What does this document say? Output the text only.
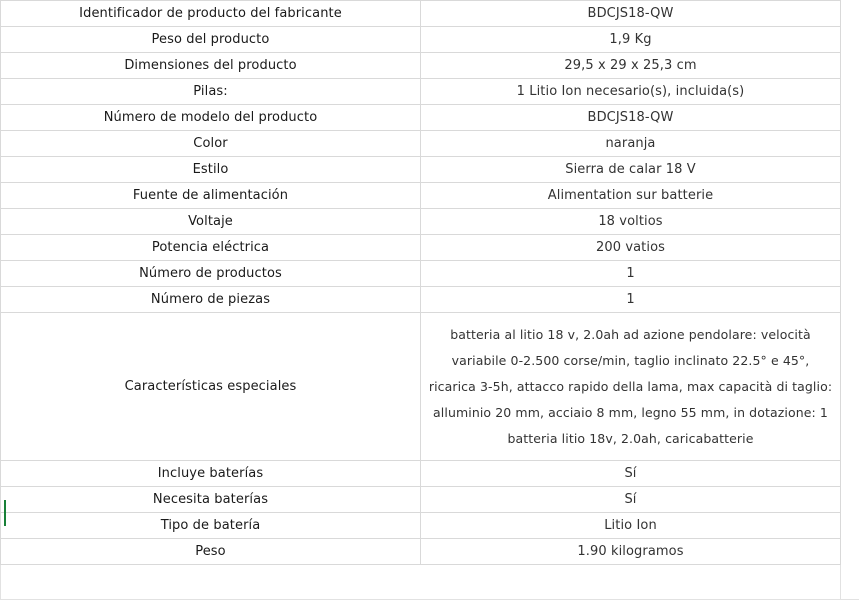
Identificador de producto del fabricante	BDCJS18-QW
Peso del producto	1,9 Kg
Dimensiones del producto	29,5 x 29 x 25,3 cm
Pilas:	1 Litio Ion necesario(s), incluida(s)
Número de modelo del producto	BDCJS18-QW
Color	naranja
Estilo	Sierra de calar 18 V
Fuente de alimentación	Alimentation sur batterie
Voltaje	18 voltios
Potencia eléctrica	200 vatios
Número de productos	1
Número de piezas	1
Características especiales	batteria al litio 18 v, 2.0ah ad azione pendolare: velocità variabile 0-2.500 corse/min, taglio inclinato 22.5° e 45°, ricarica 3-5h, attacco rapido della lama, max capacità di taglio: alluminio 20 mm, acciaio 8 mm, legno 55 mm, in dotazione: 1 batteria litio 18v, 2.0ah, caricabatterie
Incluye baterías	Sí
Necesita baterías	Sí
Tipo de batería	Litio Ion
Peso	1.90 kilogramos
